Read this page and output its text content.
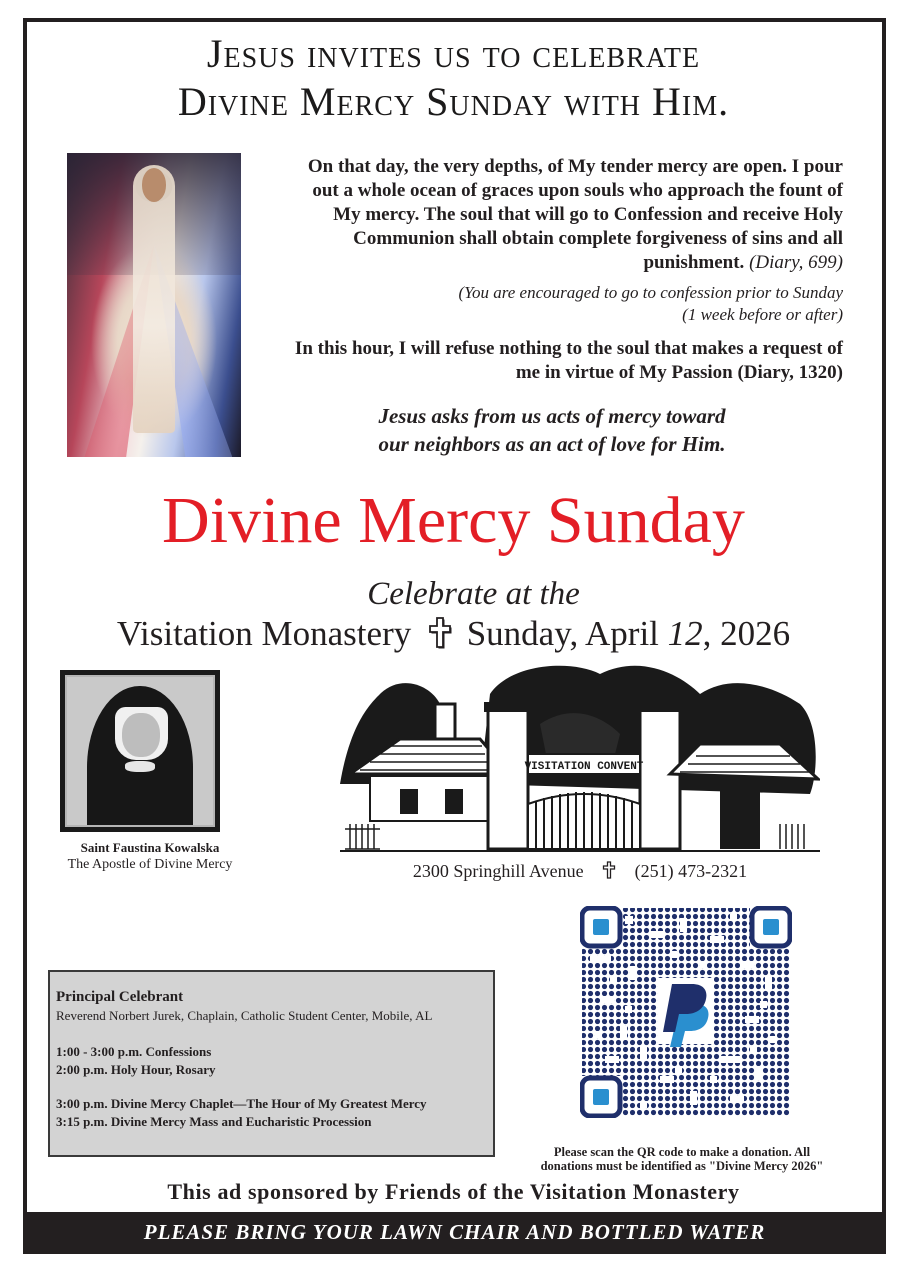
Jesus invites us to celebrate
Divine Mercy Sunday with Him.
On that day, the very depths, of My tender mercy are open. I pour out a whole ocean of graces upon souls who approach the fount of My mercy. The soul that will go to Confession and receive Holy Communion shall obtain complete forgiveness of sins and all punishment. (Diary, 699)
(You are encouraged to go to confession prior to Sunday
(1 week before or after)
In this hour, I will refuse nothing to the soul that makes a request of me in virtue of My Passion (Diary, 1320)
Jesus asks from us acts of mercy toward
our neighbors as an act of love for Him.
Divine Mercy Sunday
Celebrate at the
Visitation Monastery Sunday, April 12, 2026
Saint Faustina Kowalska
The Apostle of Divine Mercy
VISITATION CONVENT
2300 Springhill Avenue	(251) 473-2321
Principal Celebrant
Reverend Norbert Jurek, Chaplain, Catholic Student Center, Mobile, AL
1:00 - 3:00 p.m. Confessions
2:00 p.m. Holy Hour, Rosary
3:00 p.m. Divine Mercy Chaplet—The Hour of My Greatest Mercy
3:15 p.m. Divine Mercy Mass and Eucharistic Procession
Please scan the QR code to make a donation. All
donations must be identified as "Divine Mercy 2026"
This ad sponsored by Friends of the Visitation Monastery
PLEASE BRING YOUR LAWN CHAIR AND BOTTLED WATER
